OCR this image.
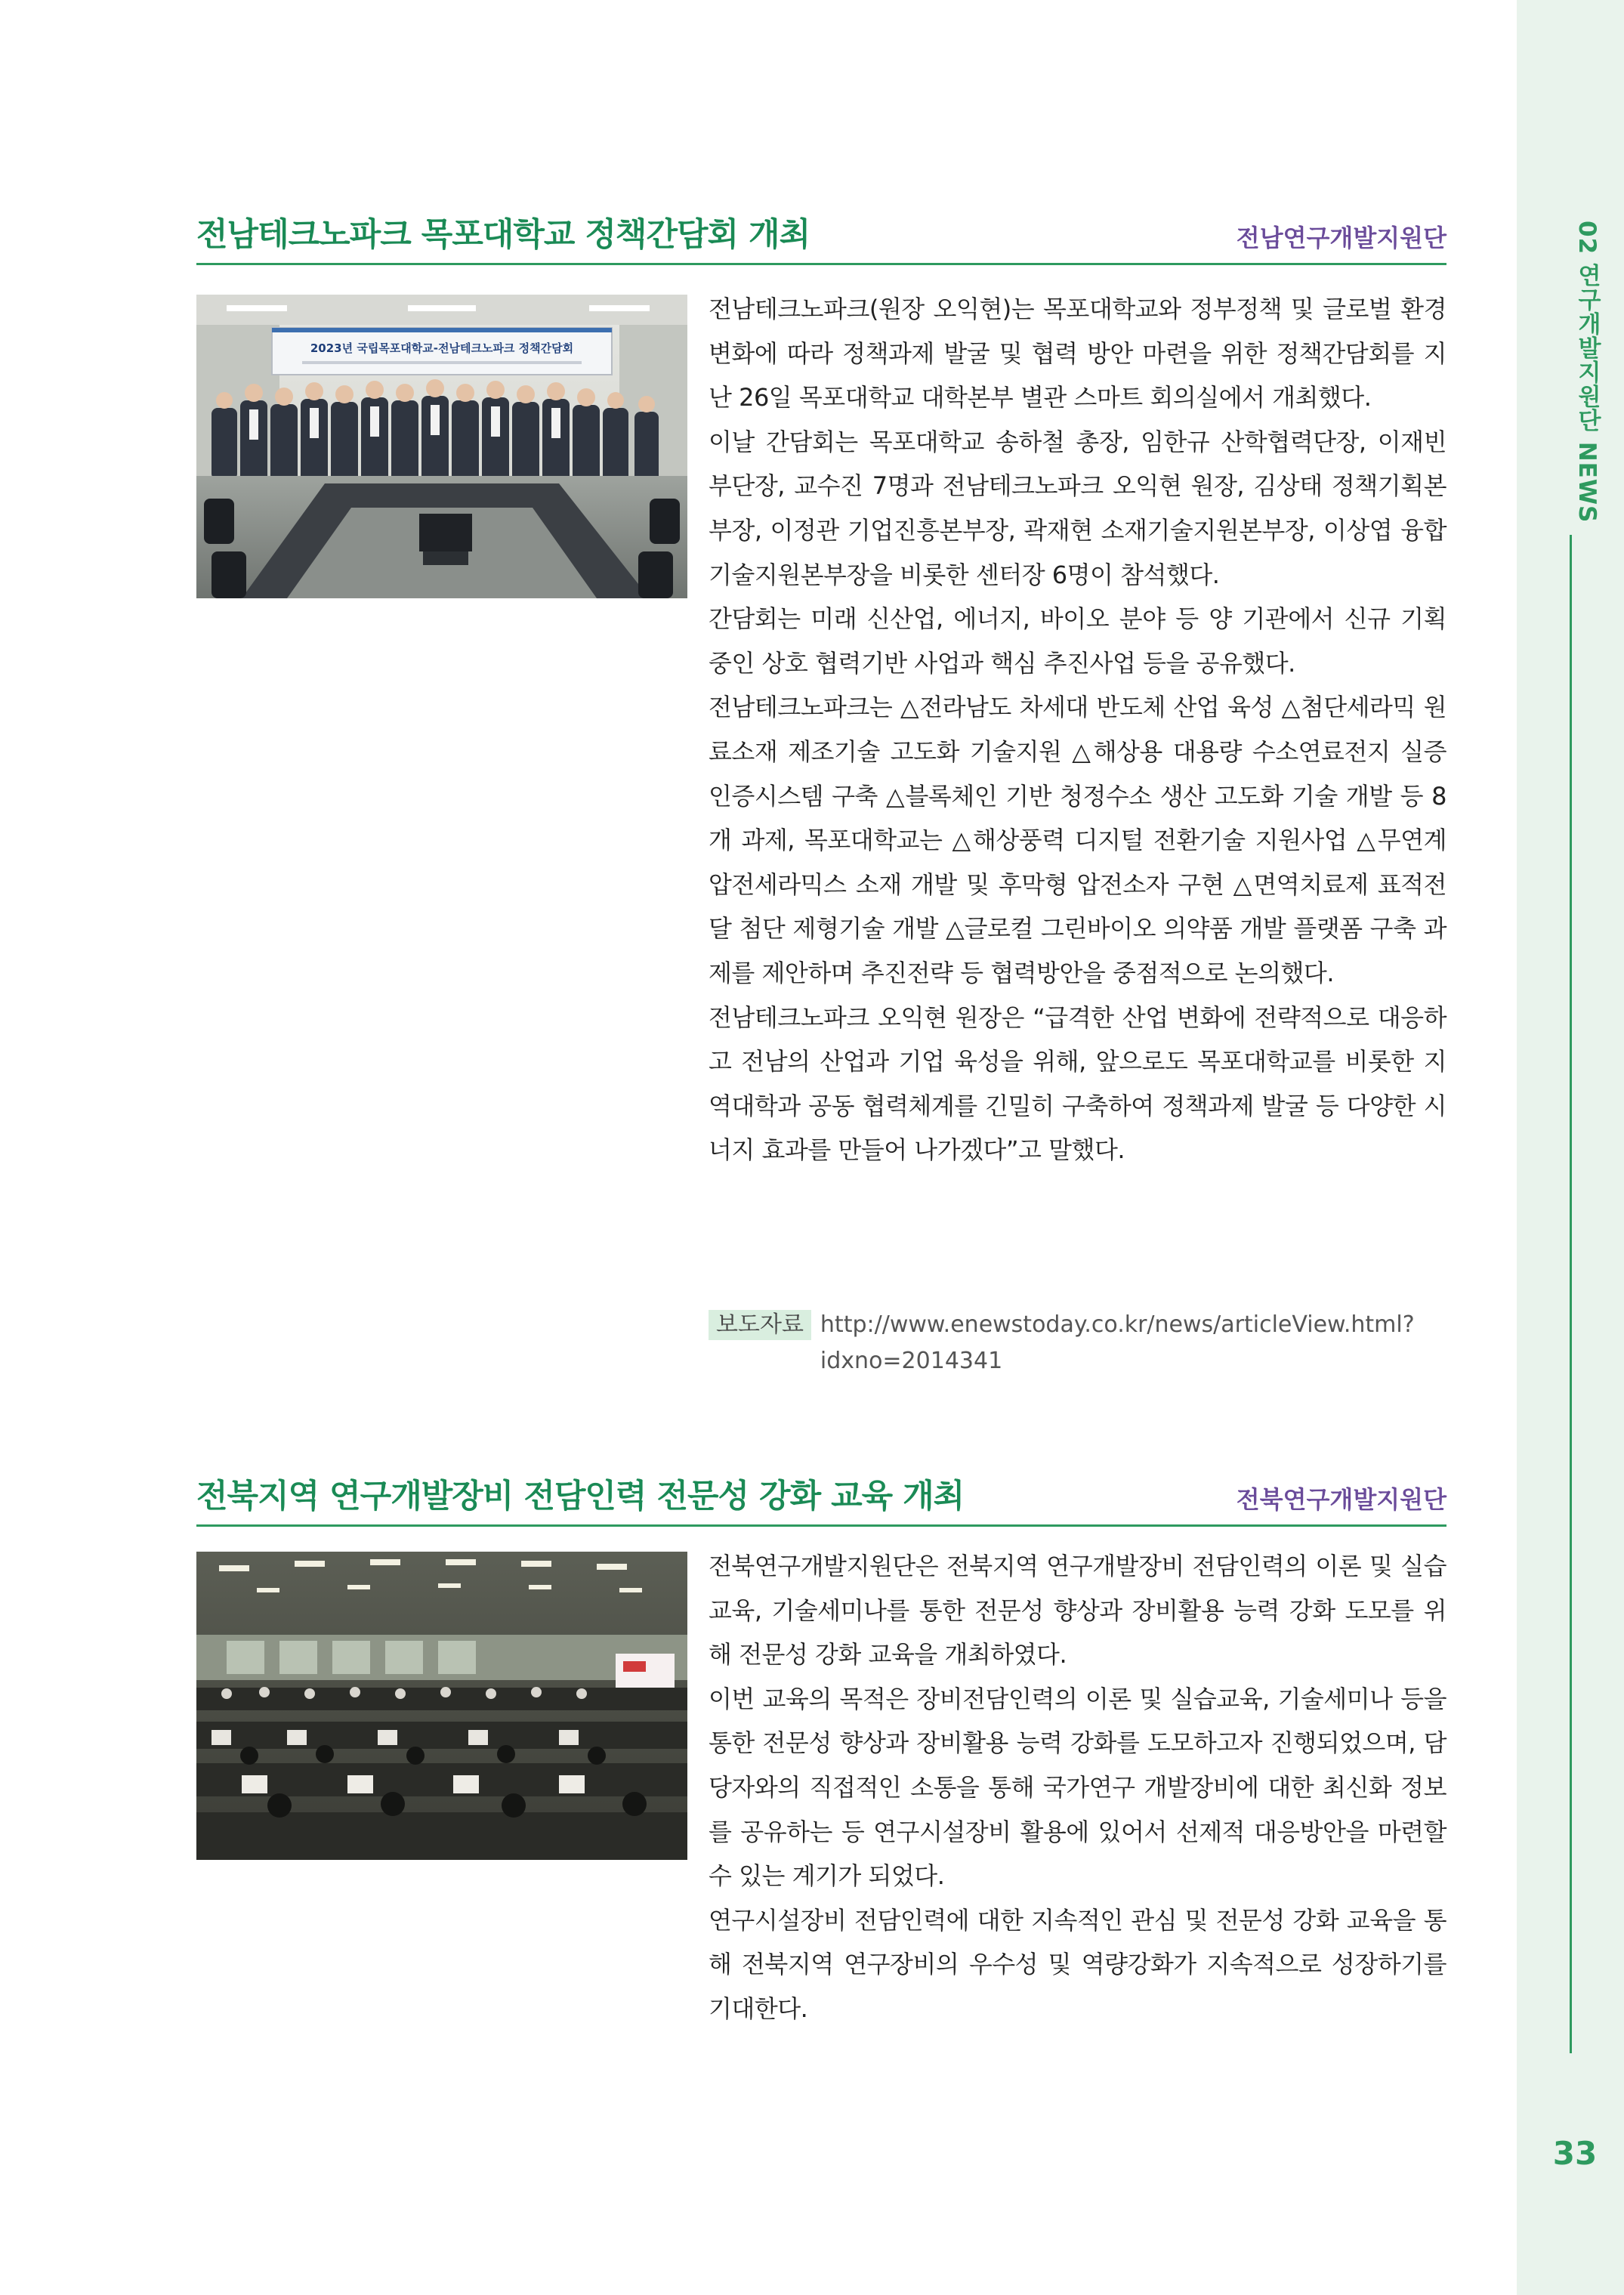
02 연구개발지원단 NEWS
33
전남테크노파크 목포대학교 정책간담회 개최	전남연구개발지원단
2023년 국립목포대학교-전남테크노파크 정책간담회

전남테크노파크(원장 오익현)는 목포대학교와 정부정책 및 글로벌 환경 변화에 따라 정책과제 발굴 및 협력 방안 마련을 위한 정책간담회를 지난 26일 목포대학교 대학본부 별관 스마트 회의실에서 개최했다.

이날 간담회는 목포대학교 송하철 총장, 임한규 산학협력단장, 이재빈 부단장, 교수진 7명과 전남테크노파크 오익현 원장, 김상태 정책기획본부장, 이정관 기업진흥본부장, 곽재현 소재기술지원본부장, 이상엽 융합기술지원본부장을 비롯한 센터장 6명이 참석했다.

간담회는 미래 신산업, 에너지, 바이오 분야 등 양 기관에서 신규 기획 중인 상호 협력기반 사업과 핵심 추진사업 등을 공유했다.

전남테크노파크는 △전라남도 차세대 반도체 산업 육성 △첨단세라믹 원료소재 제조기술 고도화 기술지원 △해상용 대용량 수소연료전지 실증 인증시스템 구축 △블록체인 기반 청정수소 생산 고도화 기술 개발 등 8개 과제, 목포대학교는 △해상풍력 디지털 전환기술 지원사업 △무연계 압전세라믹스 소재 개발 및 후막형 압전소자 구현 △면역치료제 표적전달 첨단 제형기술 개발 △글로컬 그린바이오 의약품 개발 플랫폼 구축 과제를 제안하며 추진전략 등 협력방안을 중점적으로 논의했다.

전남테크노파크 오익현 원장은 “급격한 산업 변화에 전략적으로 대응하고 전남의 산업과 기업 육성을 위해, 앞으로도 목포대학교를 비롯한 지역대학과 공동 협력체계를 긴밀히 구축하여 정책과제 발굴 등 다양한 시너지 효과를 만들어 나가겠다”고 말했다.

보도자료 http://www.enewstoday.co.kr/news/articleView.html?idxno=2014341
전북지역 연구개발장비 전담인력 전문성 강화 교육 개최	전북연구개발지원단

전북연구개발지원단은 전북지역 연구개발장비 전담인력의 이론 및 실습교육, 기술세미나를 통한 전문성 향상과 장비활용 능력 강화 도모를 위해 전문성 강화 교육을 개최하였다.

이번 교육의 목적은 장비전담인력의 이론 및 실습교육, 기술세미나 등을 통한 전문성 향상과 장비활용 능력 강화를 도모하고자 진행되었으며, 담당자와의 직접적인 소통을 통해 국가연구 개발장비에 대한 최신화 정보를 공유하는 등 연구시설장비 활용에 있어서 선제적 대응방안을 마련할 수 있는 계기가 되었다.

연구시설장비 전담인력에 대한 지속적인 관심 및 전문성 강화 교육을 통해 전북지역 연구장비의 우수성 및 역량강화가 지속적으로 성장하기를 기대한다.
